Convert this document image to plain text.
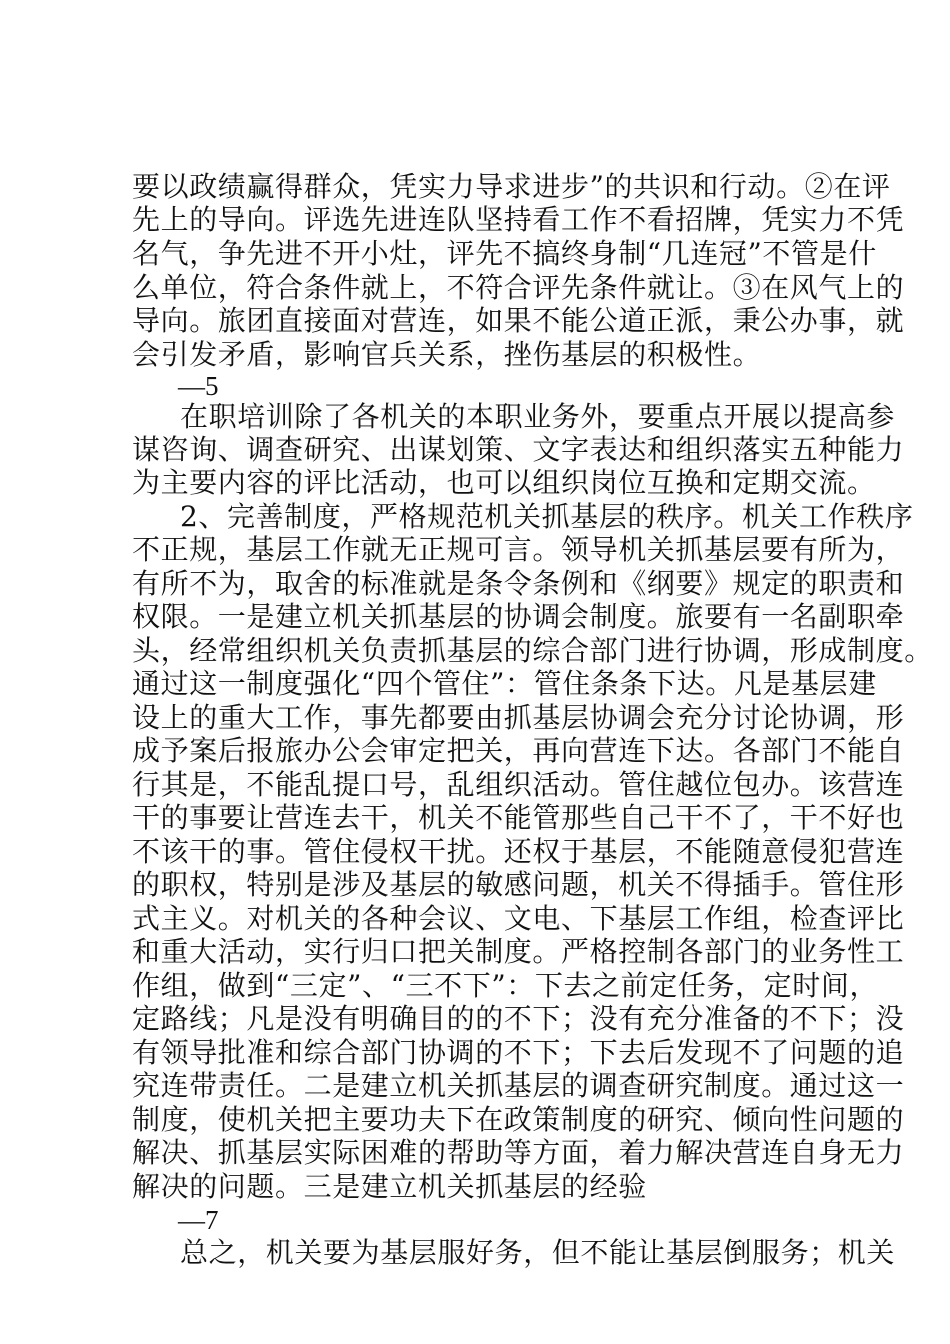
要以政绩赢得群众，凭实力导求进步”的共识和行动。②在评
先上的导向。评选先进连队坚持看工作不看招牌，凭实力不凭
名气，争先进不开小灶，评先不搞终身制“几连冠”不管是什
么单位，符合条件就上，不符合评先条件就让。③在风气上的
导向。旅团直接面对营连，如果不能公道正派，秉公办事，就
会引发矛盾，影响官兵关系，挫伤基层的积极性。
—5
在职培训除了各机关的本职业务外，要重点开展以提高参
谋咨询、调查研究、出谋划策、文字表达和组织落实五种能力
为主要内容的评比活动，也可以组织岗位互换和定期交流。
2、完善制度，严格规范机关抓基层的秩序。机关工作秩序
不正规，基层工作就无正规可言。领导机关抓基层要有所为，
有所不为，取舍的标准就是条令条例和《纲要》规定的职责和
权限。一是建立机关抓基层的协调会制度。旅要有一名副职牵
头，经常组织机关负责抓基层的综合部门进行协调，形成制度。
通过这一制度强化“四个管住”：管住条条下达。凡是基层建
设上的重大工作，事先都要由抓基层协调会充分讨论协调，形
成予案后报旅办公会审定把关，再向营连下达。各部门不能自
行其是，不能乱提口号，乱组织活动。管住越位包办。该营连
干的事要让营连去干，机关不能管那些自己干不了，干不好也
不该干的事。管住侵权干扰。还权于基层，不能随意侵犯营连
的职权，特别是涉及基层的敏感问题，机关不得插手。管住形
式主义。对机关的各种会议、文电、下基层工作组，检查评比
和重大活动，实行归口把关制度。严格控制各部门的业务性工
作组，做到“三定”、“三不下”：下去之前定任务，定时间，
定路线；凡是没有明确目的的不下；没有充分准备的不下；没
有领导批准和综合部门协调的不下；下去后发现不了问题的追
究连带责任。二是建立机关抓基层的调查研究制度。通过这一
制度，使机关把主要功夫下在政策制度的研究、倾向性问题的
解决、抓基层实际困难的帮助等方面，着力解决营连自身无力
解决的问题。三是建立机关抓基层的经验
—7
总之，机关要为基层服好务，但不能让基层倒服务；机关
